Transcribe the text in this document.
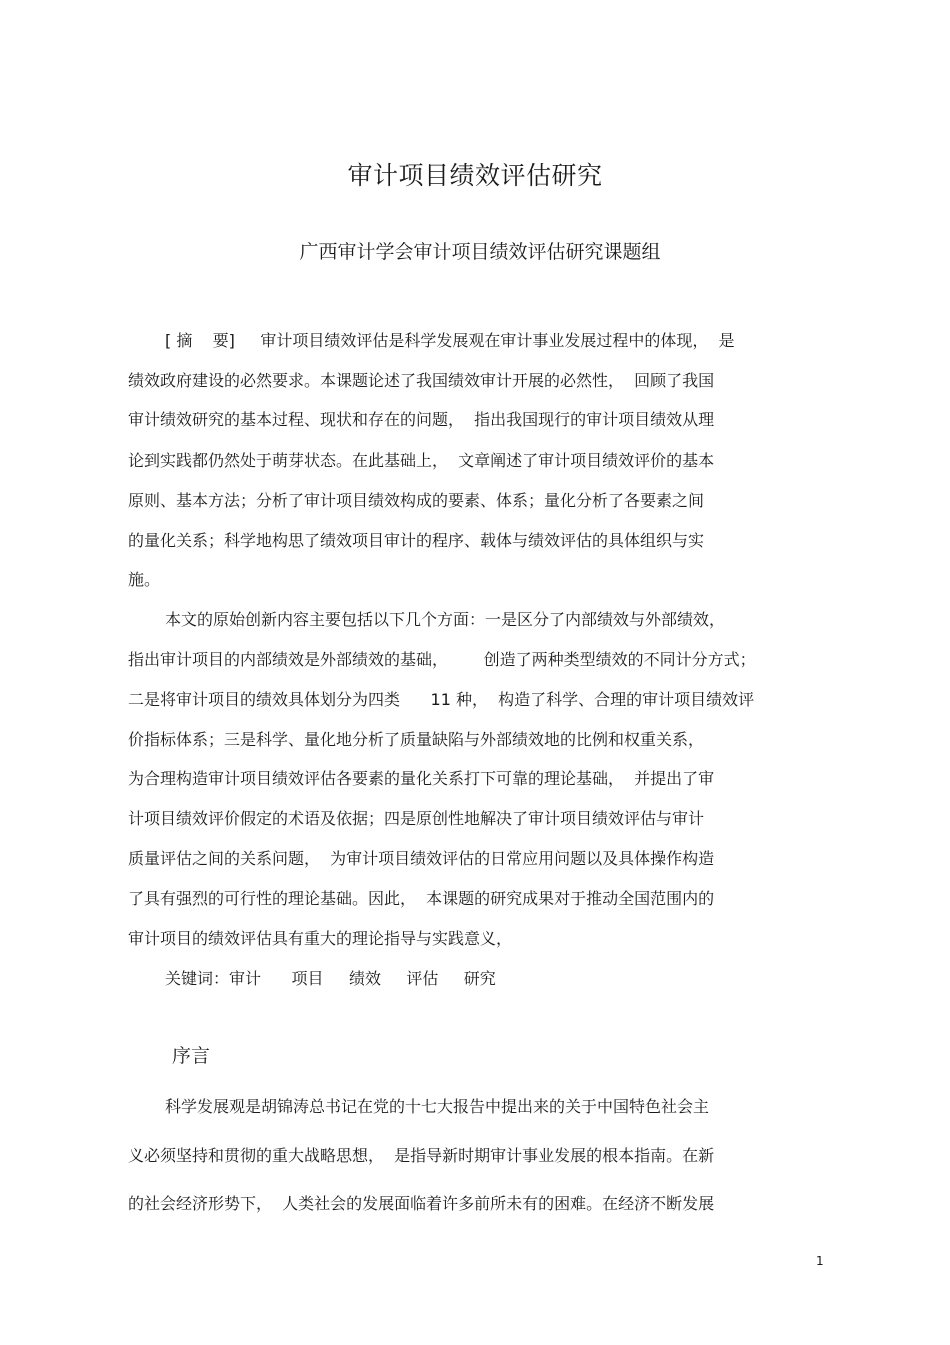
审计项目绩效评估研究
广西审计学会审计项目绩效评估研究课题组
[ 摘    要]     审计项目绩效评估是科学发展观在审计事业发展过程中的体现，  是
绩效政府建设的必然要求。本课题论述了我国绩效审计开展的必然性，  回顾了我国
审计绩效研究的基本过程、现状和存在的问题，  指出我国现行的审计项目绩效从理
论到实践都仍然处于萌芽状态。在此基础上，  文章阐述了审计项目绩效评价的基本
原则、基本方法；分析了审计项目绩效构成的要素、体系；量化分析了各要素之间
的量化关系；科学地构思了绩效项目审计的程序、载体与绩效评估的具体组织与实
施。
本文的原始创新内容主要包括以下几个方面：一是区分了内部绩效与外部绩效，
指出审计项目的内部绩效是外部绩效的基础，       创造了两种类型绩效的不同计分方式；
二是将审计项目的绩效具体划分为四类      11 种，  构造了科学、合理的审计项目绩效评
价指标体系；三是科学、量化地分析了质量缺陷与外部绩效地的比例和权重关系，
为合理构造审计项目绩效评估各要素的量化关系打下可靠的理论基础，  并提出了审
计项目绩效评价假定的术语及依据；四是原创性地解决了审计项目绩效评估与审计
质量评估之间的关系问题，  为审计项目绩效评估的日常应用问题以及具体操作构造
了具有强烈的可行性的理论基础。因此，  本课题的研究成果对于推动全国范围内的
审计项目的绩效评估具有重大的理论指导与实践意义，
关键词：审计      项目     绩效     评估     研究
序言
科学发展观是胡锦涛总书记在党的十七大报告中提出来的关于中国特色社会主
义必须坚持和贯彻的重大战略思想，  是指导新时期审计事业发展的根本指南。在新
的社会经济形势下，  人类社会的发展面临着许多前所未有的困难。在经济不断发展
1
